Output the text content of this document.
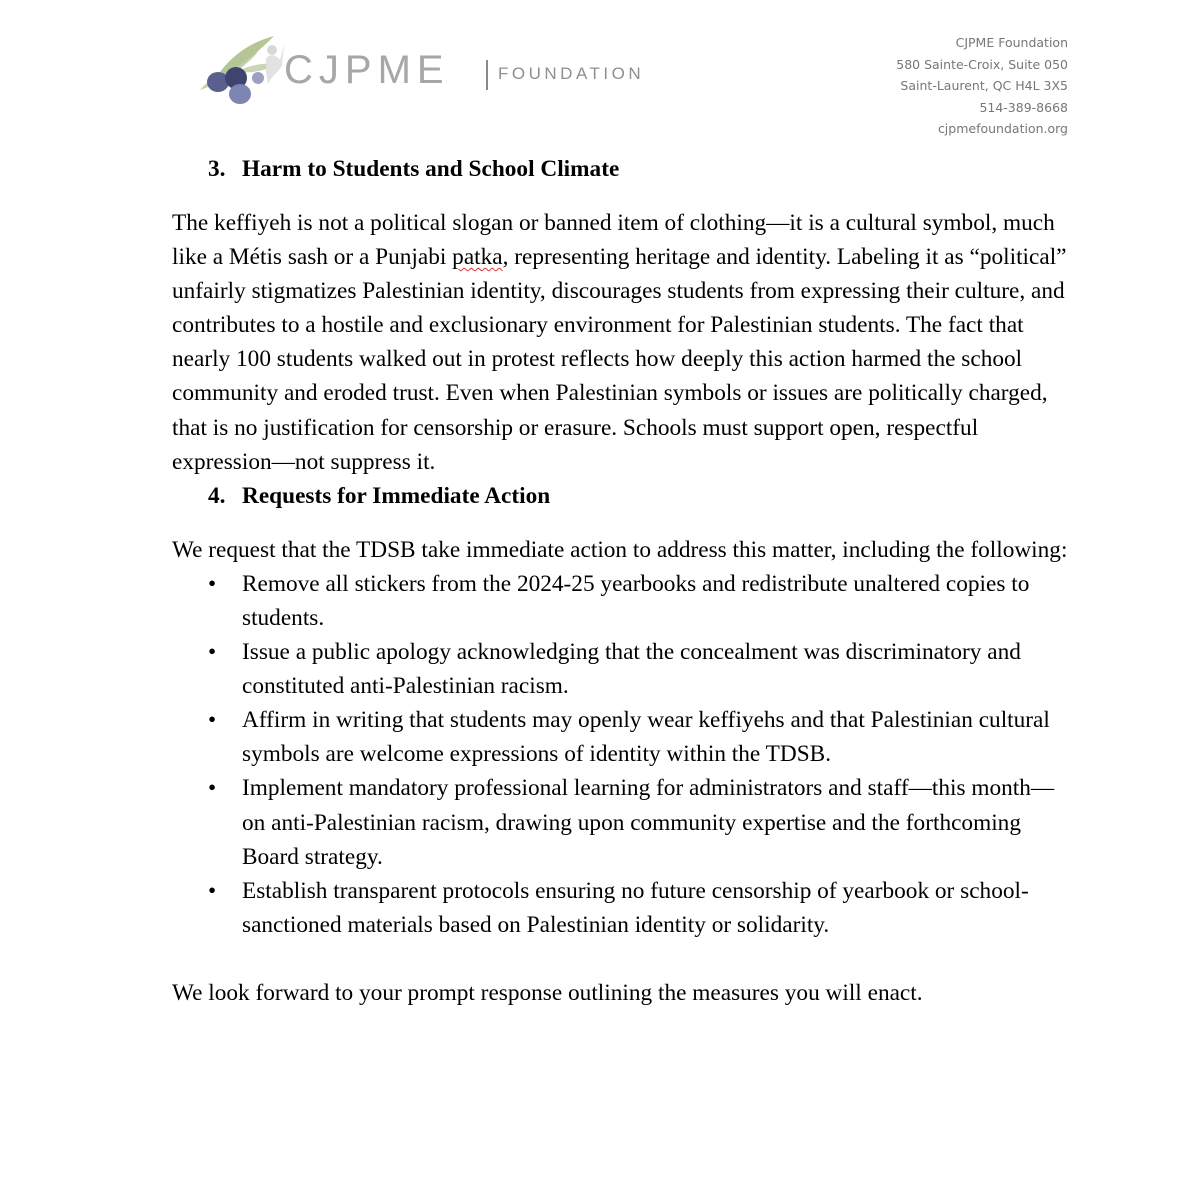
CJPME	FOUNDATION
CJPME Foundation
580 Sainte-Croix, Suite 050
Saint-Laurent, QC H4L 3X5
514-389-8668
cjpmefoundation.org
3. Harm to Students and School Climate

The keffiyeh is not a political slogan or banned item of clothing—it is a cultural symbol, much like a Métis sash or a Punjabi patka, representing heritage and identity. Labeling it as “political” unfairly stigmatizes Palestinian identity, discourages students from expressing their culture, and contributes to a hostile and exclusionary environment for Palestinian students. The fact that nearly 100 students walked out in protest reflects how deeply this action harmed the school community and eroded trust. Even when Palestinian symbols or issues are politically charged, that is no justification for censorship or erasure. Schools must support open, respectful expression—not suppress it.

4. Requests for Immediate Action

We request that the TDSB take immediate action to address this matter, including the following:

• Remove all stickers from the 2024-25 yearbooks and redistribute unaltered copies to students.
• Issue a public apology acknowledging that the concealment was discriminatory and constituted anti-Palestinian racism.
• Affirm in writing that students may openly wear keffiyehs and that Palestinian cultural symbols are welcome expressions of identity within the TDSB.
• Implement mandatory professional learning for administrators and staff—this month—on anti-Palestinian racism, drawing upon community expertise and the forthcoming Board strategy.
• Establish transparent protocols ensuring no future censorship of yearbook or school-sanctioned materials based on Palestinian identity or solidarity.

We look forward to your prompt response outlining the measures you will enact.
